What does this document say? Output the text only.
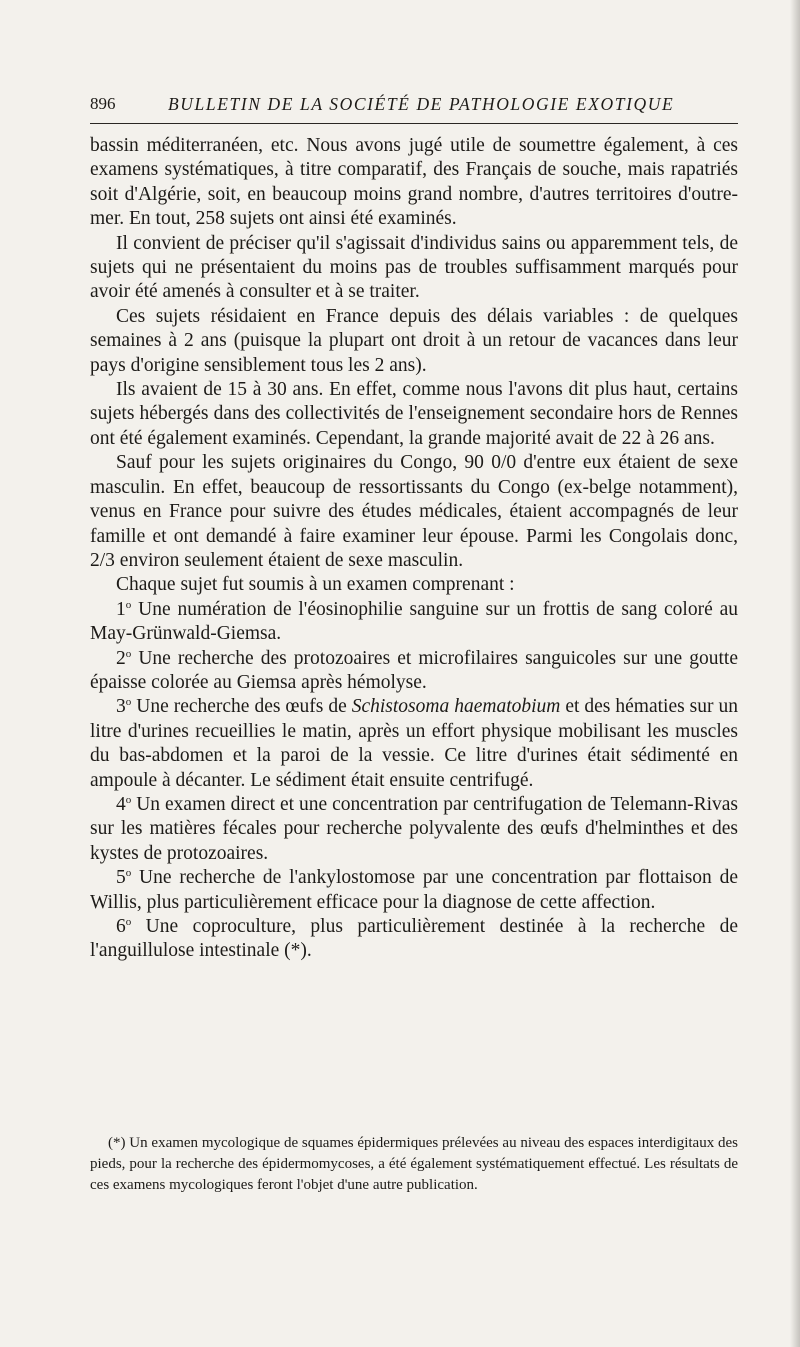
896	BULLETIN DE LA SOCIÉTÉ DE PATHOLOGIE EXOTIQUE

bassin méditerranéen, etc. Nous avons jugé utile de soumettre également, à ces examens systématiques, à titre comparatif, des Français de souche, mais rapatriés soit d'Algérie, soit, en beaucoup moins grand nombre, d'autres territoires d'outre-mer. En tout, 258 sujets ont ainsi été examinés.

Il convient de préciser qu'il s'agissait d'individus sains ou apparemment tels, de sujets qui ne présentaient du moins pas de troubles suffisamment marqués pour avoir été amenés à consulter et à se traiter.

Ces sujets résidaient en France depuis des délais variables : de quelques semaines à 2 ans (puisque la plupart ont droit à un retour de vacances dans leur pays d'origine sensiblement tous les 2 ans).

Ils avaient de 15 à 30 ans. En effet, comme nous l'avons dit plus haut, certains sujets hébergés dans des collectivités de l'enseignement secondaire hors de Rennes ont été également examinés. Cependant, la grande majorité avait de 22 à 26 ans.

Sauf pour les sujets originaires du Congo, 90 0/0 d'entre eux étaient de sexe masculin. En effet, beaucoup de ressortissants du Congo (ex-belge notamment), venus en France pour suivre des études médicales, étaient accompagnés de leur famille et ont demandé à faire examiner leur épouse. Parmi les Congolais donc, 2/3 environ seulement étaient de sexe masculin.

Chaque sujet fut soumis à un examen comprenant :

1$^o$ Une numération de l'éosinophilie sanguine sur un frottis de sang coloré au May-Grünwald-Giemsa.

2$^o$ Une recherche des protozoaires et microfilaires sanguicoles sur une goutte épaisse colorée au Giemsa après hémolyse.

3$^o$ Une recherche des œufs de Schistosoma haematobium et des hématies sur un litre d'urines recueillies le matin, après un effort physique mobilisant les muscles du bas-abdomen et la paroi de la vessie. Ce litre d'urines était sédimenté en ampoule à décanter. Le sédiment était ensuite centrifugé.

4$^o$ Un examen direct et une concentration par centrifugation de Telemann-Rivas sur les matières fécales pour recherche polyvalente des œufs d'helminthes et des kystes de protozoaires.

5$^o$ Une recherche de l'ankylostomose par une concentration par flottaison de Willis, plus particulièrement efficace pour la diagnose de cette affection.

6$^o$ Une coproculture, plus particulièrement destinée à la recherche de l'anguillulose intestinale (*).

(*) Un examen mycologique de squames épidermiques prélevées au niveau des espaces interdigitaux des pieds, pour la recherche des épidermomycoses, a été également systématiquement effectué. Les résultats de ces examens mycologiques feront l'objet d'une autre publication.
